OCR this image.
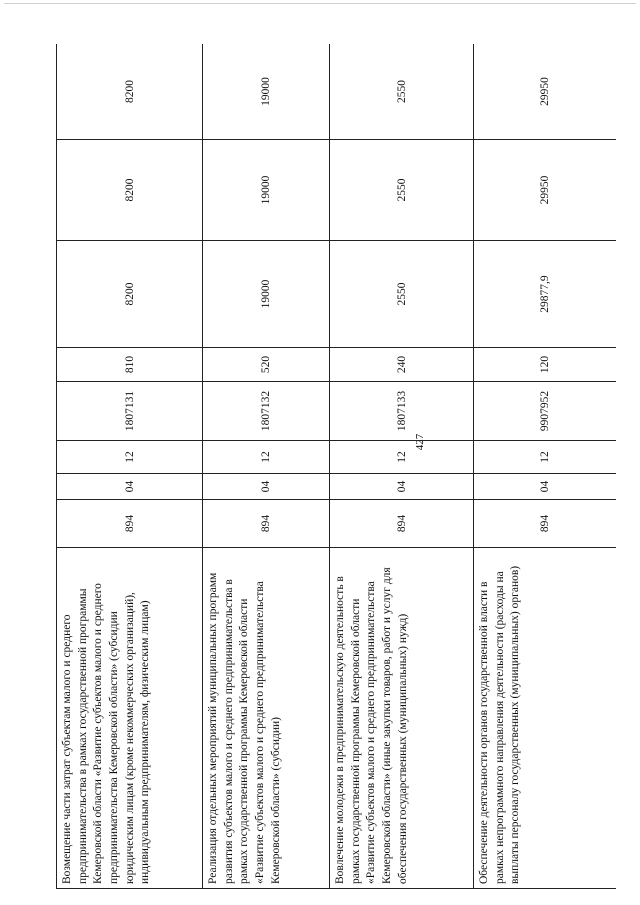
427
Возмещение части затрат субъектам малого и среднего предпринимательства в рамках государственной программы Кемеровской области «Развитие субъектов малого и среднего предпринимательства Кемеровской области» (субсидии юридическим лицам (кроме некоммерческих организаций), индивидуальным предпринимателям, физическим лицам)	894	04	12	1807131	810	8200	8200	8200
Реализация отдельных мероприятий муниципальных программ развития субъектов малого и среднего предпринимательства в рамках государственной программы Кемеровской области «Развитие субъектов малого и среднего предпринимательства Кемеровской области» (субсидии)	894	04	12	1807132	520	19000	19000	19000
Вовлечение молодежи в предпринимательскую деятельность в рамках государственной программы Кемеровской области «Развитие субъектов малого и среднего предпринимательства Кемеровской области» (иные закупки товаров, работ и услуг для обеспечения государственных (муниципальных) нужд)	894	04	12	1807133	240	2550	2550	2550
Обеспечение деятельности органов государственной власти в рамках непрограммного направления деятельности (расходы на выплаты персоналу государственных (муниципальных) органов)	894	04	12	9907952	120	29877,9	29950	29950
